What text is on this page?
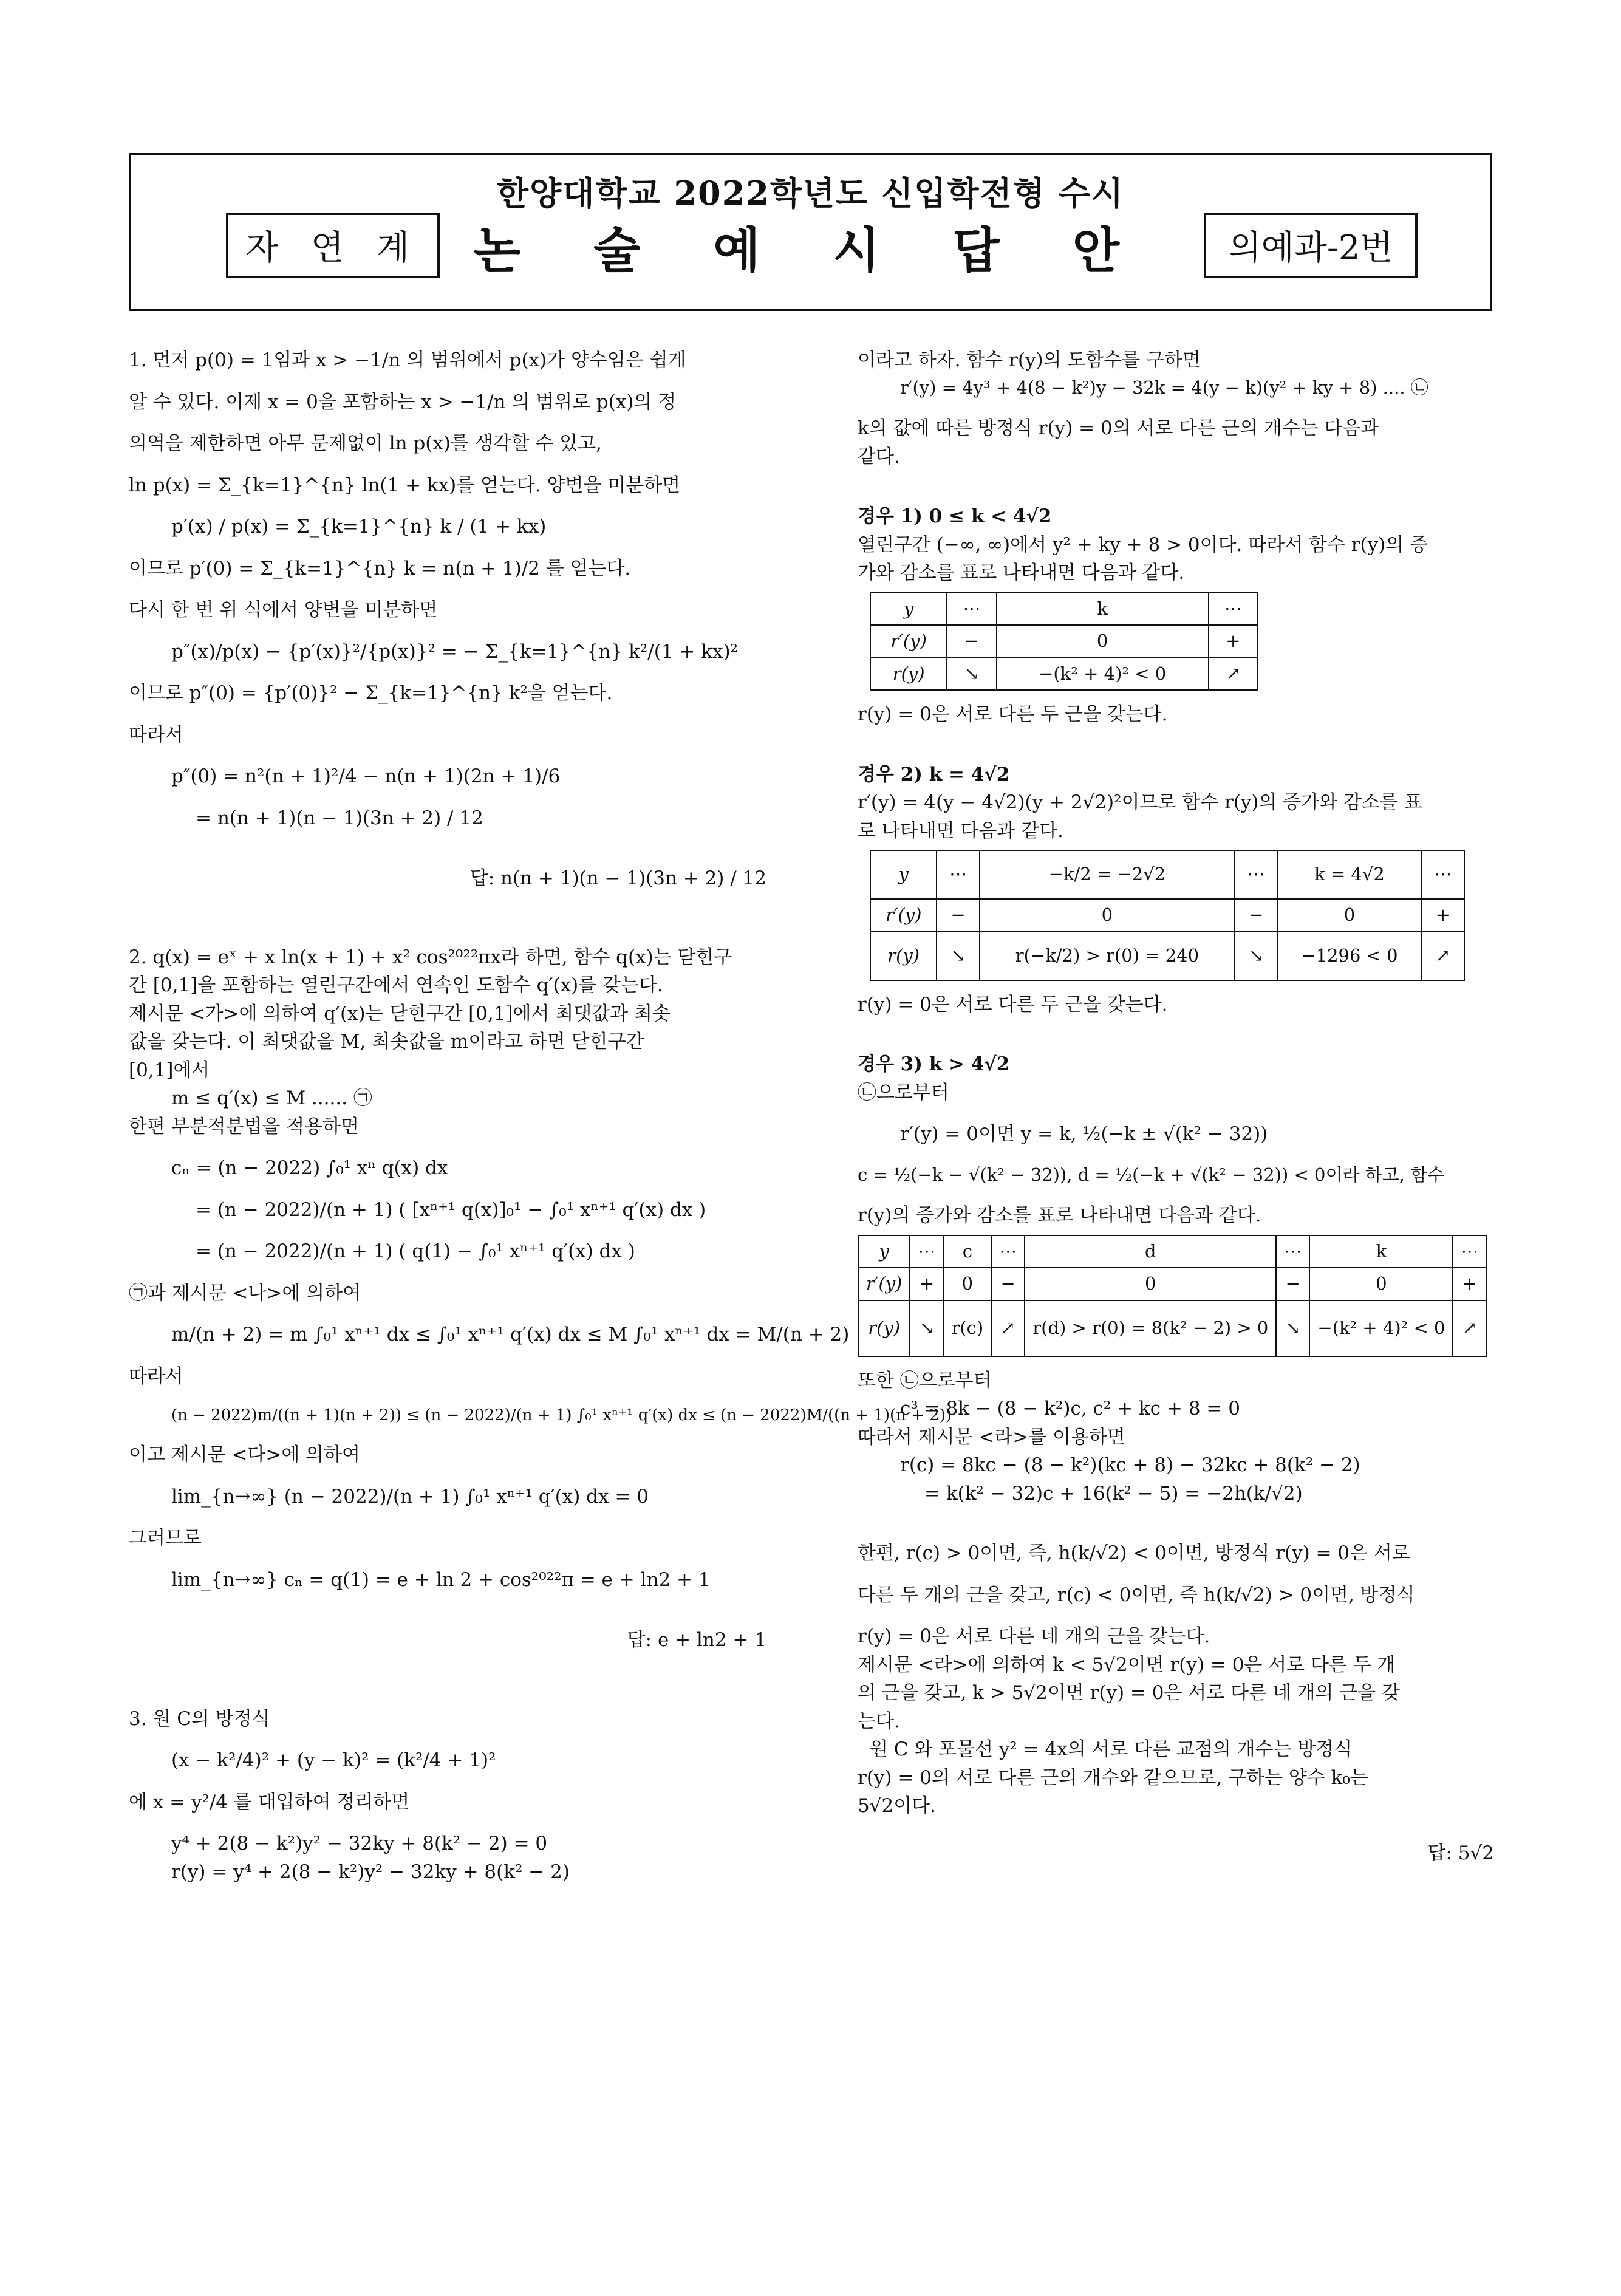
한양대학교 2022학년도 신입학전형 수시
자 연 계	논 술 예 시 답 안	의예과-2번

1. 먼저 p(0) = 1임과 x > −1/n 의 범위에서 p(x)가 양수임은 쉽게

알 수 있다. 이제 x = 0을 포함하는 x > −1/n 의 범위로 p(x)의 정

의역을 제한하면 아무 문제없이 ln p(x)를 생각할 수 있고,

ln p(x) = Σ_{k=1}^{n} ln(1 + kx)를 얻는다. 양변을 미분하면

p′(x) / p(x) = Σ_{k=1}^{n} k / (1 + kx)

이므로 p′(0) = Σ_{k=1}^{n} k = n(n + 1)/2 를 얻는다.

다시 한 번 위 식에서 양변을 미분하면

p″(x)/p(x) − {p′(x)}²/{p(x)}² = − Σ_{k=1}^{n} k²/(1 + kx)²

이므로 p″(0) = {p′(0)}² − Σ_{k=1}^{n} k²을 얻는다.

따라서

p″(0) = n²(n + 1)²/4 − n(n + 1)(2n + 1)/6

= n(n + 1)(n − 1)(3n + 2) / 12

답: n(n + 1)(n − 1)(3n + 2) / 12

2. q(x) = eˣ + x ln(x + 1) + x² cos²⁰²²πx라 하면, 함수 q(x)는 닫힌구

간 [0,1]을 포함하는 열린구간에서 연속인 도함수 q′(x)를 갖는다.

제시문 <가>에 의하여 q′(x)는 닫힌구간 [0,1]에서 최댓값과 최솟

값을 갖는다. 이 최댓값을 M, 최솟값을 m이라고 하면 닫힌구간

[0,1]에서

m ≤ q′(x) ≤ M ...... ㉠

한편 부분적분법을 적용하면

cₙ = (n − 2022) ∫₀¹ xⁿ q(x) dx

= (n − 2022)/(n + 1) ( [xⁿ⁺¹ q(x)]₀¹ − ∫₀¹ xⁿ⁺¹ q′(x) dx )

= (n − 2022)/(n + 1) ( q(1) − ∫₀¹ xⁿ⁺¹ q′(x) dx )

㉠과 제시문 <나>에 의하여

m/(n + 2) = m ∫₀¹ xⁿ⁺¹ dx ≤ ∫₀¹ xⁿ⁺¹ q′(x) dx ≤ M ∫₀¹ xⁿ⁺¹ dx = M/(n + 2)

따라서

(n − 2022)m/((n + 1)(n + 2)) ≤ (n − 2022)/(n + 1) ∫₀¹ xⁿ⁺¹ q′(x) dx ≤ (n − 2022)M/((n + 1)(n + 2))

이고 제시문 <다>에 의하여

lim_{n→∞} (n − 2022)/(n + 1) ∫₀¹ xⁿ⁺¹ q′(x) dx = 0

그러므로

lim_{n→∞} cₙ = q(1) = e + ln 2 + cos²⁰²²π = e + ln2 + 1

답: e + ln2 + 1

3. 원 C의 방정식

(x − k²/4)² + (y − k)² = (k²/4 + 1)²

에 x = y²/4 를 대입하여 정리하면

y⁴ + 2(8 − k²)y² − 32ky + 8(k² − 2) = 0

r(y) = y⁴ + 2(8 − k²)y² − 32ky + 8(k² − 2)

이라고 하자. 함수 r(y)의 도함수를 구하면

r′(y) = 4y³ + 4(8 − k²)y − 32k = 4(y − k)(y² + ky + 8) .... ㉡

k의 값에 따른 방정식 r(y) = 0의 서로 다른 근의 개수는 다음과

같다.

경우 1) 0 ≤ k < 4√2

열린구간 (−∞, ∞)에서 y² + ky + 8 > 0이다. 따라서 함수 r(y)의 증

가와 감소를 표로 나타내면 다음과 같다.

y	⋯	k	⋯
r′(y)	−	0	+
r(y)	↘	−(k² + 4)² < 0	↗

r(y) = 0은 서로 다른 두 근을 갖는다.

경우 2) k = 4√2

r′(y) = 4(y − 4√2)(y + 2√2)²이므로 함수 r(y)의 증가와 감소를 표

로 나타내면 다음과 같다.

y	⋯	−k/2 = −2√2	⋯	k = 4√2	⋯
r′(y)	−	0	−	0	+
r(y)	↘	r(−k/2) > r(0) = 240	↘	−1296 < 0	↗

r(y) = 0은 서로 다른 두 근을 갖는다.

경우 3) k > 4√2

㉡으로부터

r′(y) = 0이면 y = k, ½(−k ± √(k² − 32))

c = ½(−k − √(k² − 32)), d = ½(−k + √(k² − 32)) < 0이라 하고, 함수

r(y)의 증가와 감소를 표로 나타내면 다음과 같다.

y	⋯	c	⋯	d	⋯	k	⋯
r′(y)	+	0	−	0	−	0	+
r(y)	↘	r(c)	↗	r(d) > r(0) = 8(k² − 2) > 0	↘	−(k² + 4)² < 0	↗

또한 ㉡으로부터

c³ = 8k − (8 − k²)c, c² + kc + 8 = 0

따라서 제시문 <라>를 이용하면

r(c) = 8kc − (8 − k²)(kc + 8) − 32kc + 8(k² − 2)

= k(k² − 32)c + 16(k² − 5) = −2h(k/√2)

한편, r(c) > 0이면, 즉, h(k/√2) < 0이면, 방정식 r(y) = 0은 서로

다른 두 개의 근을 갖고, r(c) < 0이면, 즉 h(k/√2) > 0이면, 방정식

r(y) = 0은 서로 다른 네 개의 근을 갖는다.

제시문 <라>에 의하여 k < 5√2이면 r(y) = 0은 서로 다른 두 개

의 근을 갖고, k > 5√2이면 r(y) = 0은 서로 다른 네 개의 근을 갖

는다.

원 C 와 포물선 y² = 4x의 서로 다른 교점의 개수는 방정식

r(y) = 0의 서로 다른 근의 개수와 같으므로, 구하는 양수 k₀는

5√2이다.

답: 5√2
